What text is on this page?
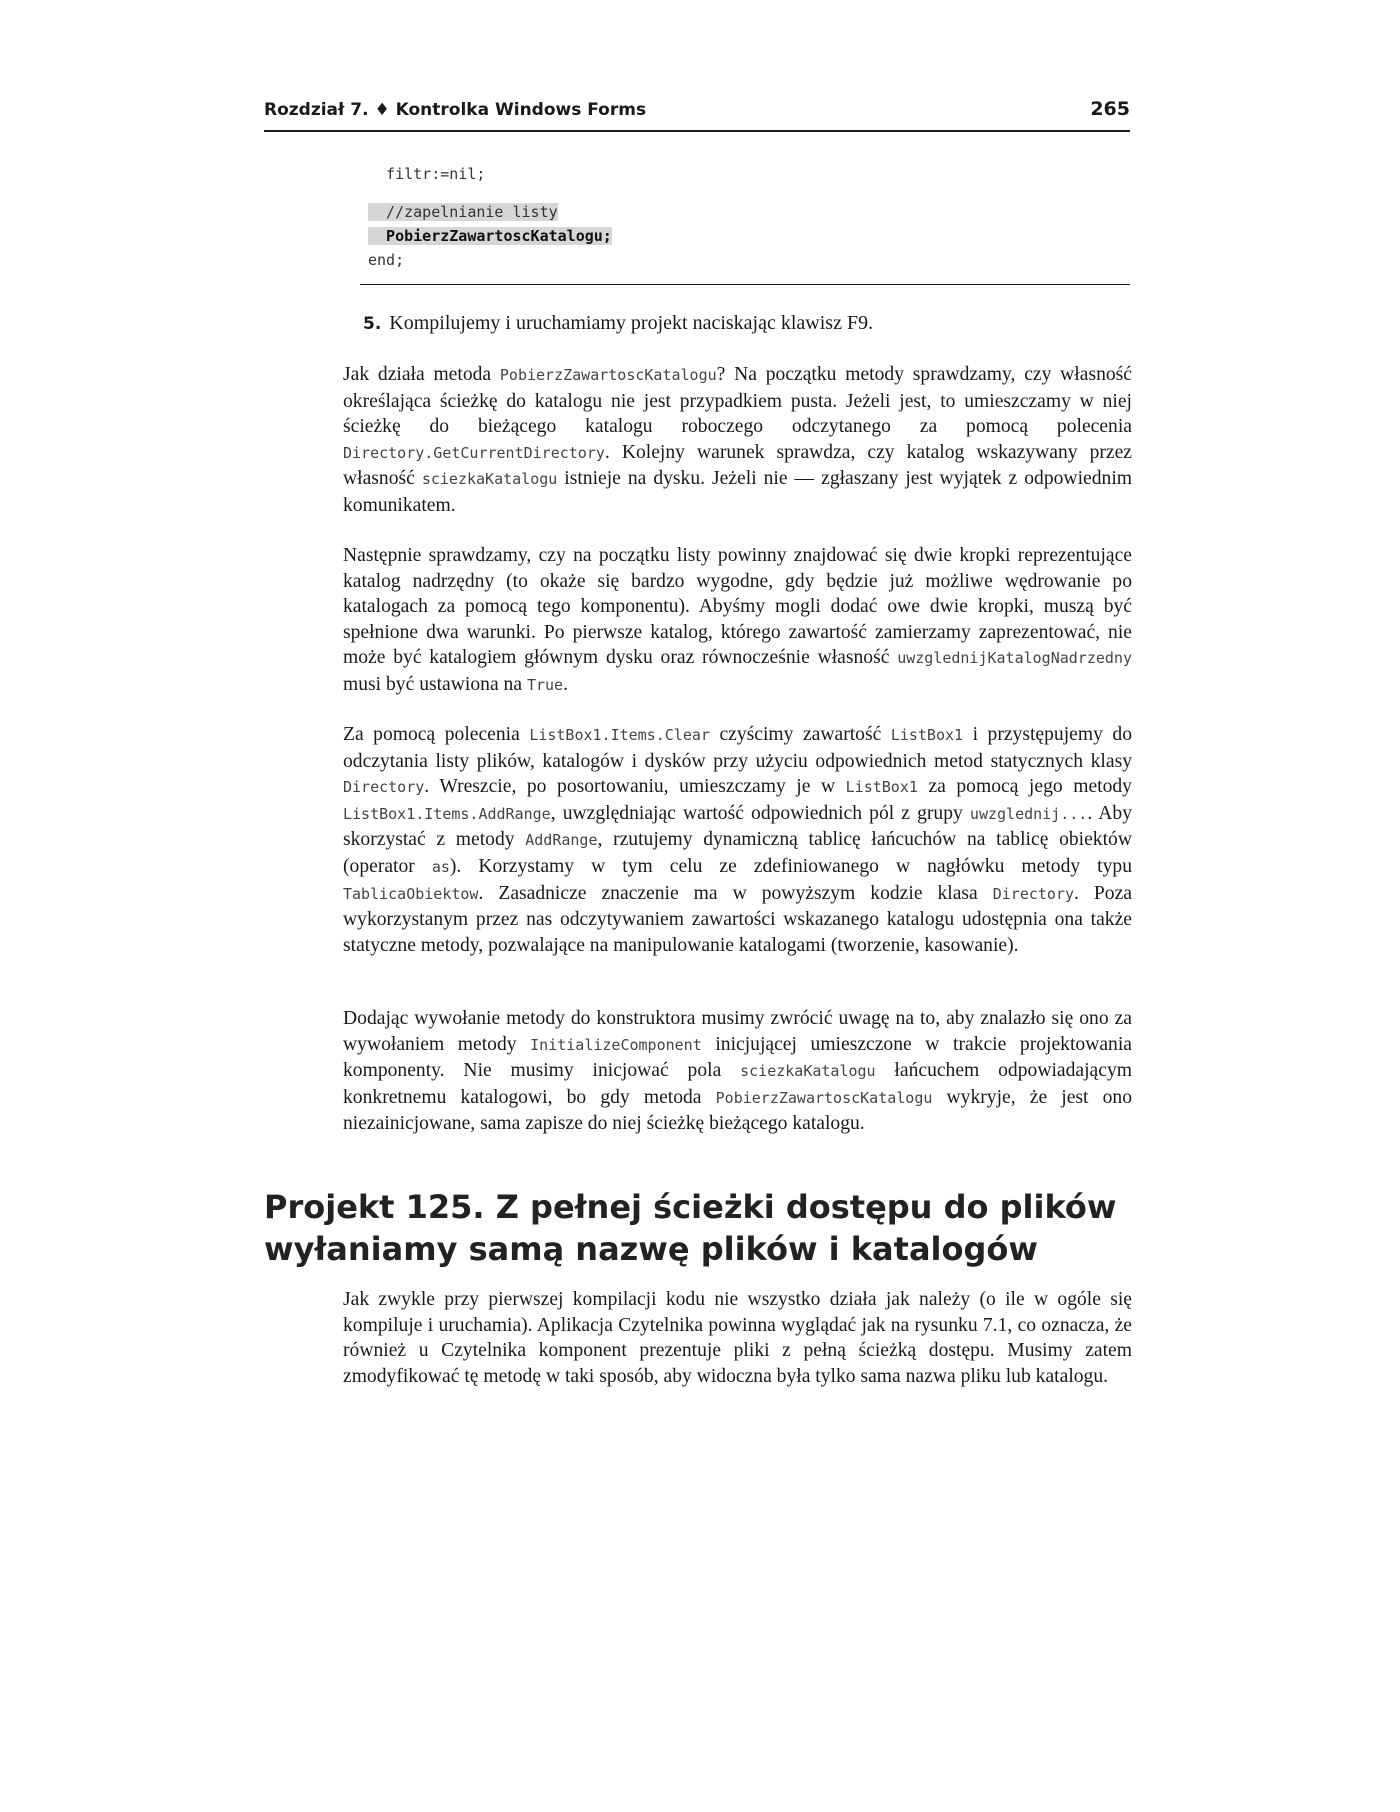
Rozdział 7. ♦ Kontrolka Windows Forms	265
filtr:=nil;
//zapelnianie listy
PobierzZawartoscKatalogu;
end;
5. Kompilujemy i uruchamiamy projekt naciskając klawisz F9.
Jak działa metoda PobierzZawartoscKatalogu? Na początku metody sprawdzamy, czy własność określająca ścieżkę do katalogu nie jest przypadkiem pusta. Jeżeli jest, to umieszczamy w niej ścieżkę do bieżącego katalogu roboczego odczytanego za pomocą polecenia Directory.GetCurrentDirectory. Kolejny warunek sprawdza, czy katalog wskazywany przez własność sciezkaKatalogu istnieje na dysku. Jeżeli nie — zgłaszany jest wyjątek z odpowiednim komunikatem.
Następnie sprawdzamy, czy na początku listy powinny znajdować się dwie kropki reprezentujące katalog nadrzędny (to okaże się bardzo wygodne, gdy będzie już możliwe wędrowanie po katalogach za pomocą tego komponentu). Abyśmy mogli dodać owe dwie kropki, muszą być spełnione dwa warunki. Po pierwsze katalog, którego zawartość zamierzamy zaprezentować, nie może być katalogiem głównym dysku oraz równocześnie własność uwzglednijKatalogNadrzedny musi być ustawiona na True.
Za pomocą polecenia ListBox1.Items.Clear czyścimy zawartość ListBox1 i przystępujemy do odczytania listy plików, katalogów i dysków przy użyciu odpowiednich metod statycznych klasy Directory. Wreszcie, po posortowaniu, umieszczamy je w ListBox1 za pomocą jego metody ListBox1.Items.AddRange, uwzględniając wartość odpowiednich pól z grupy uwzglednij.... Aby skorzystać z metody AddRange, rzutujemy dynamiczną tablicę łańcuchów na tablicę obiektów (operator as). Korzystamy w tym celu ze zdefiniowanego w nagłówku metody typu TablicaObiektow. Zasadnicze znaczenie ma w powyższym kodzie klasa Directory. Poza wykorzystanym przez nas odczytywaniem zawartości wskazanego katalogu udostępnia ona także statyczne metody, pozwalające na manipulowanie katalogami (tworzenie, kasowanie).
Dodając wywołanie metody do konstruktora musimy zwrócić uwagę na to, aby znalazło się ono za wywołaniem metody InitializeComponent inicjującej umieszczone w trakcie projektowania komponenty. Nie musimy inicjować pola sciezkaKatalogu łańcuchem odpowiadającym konkretnemu katalogowi, bo gdy metoda PobierzZawartoscKatalogu wykryje, że jest ono niezainicjowane, sama zapisze do niej ścieżkę bieżącego katalogu.
Projekt 125. Z pełnej ścieżki dostępu do plików
wyłaniamy samą nazwę plików i katalogów
Jak zwykle przy pierwszej kompilacji kodu nie wszystko działa jak należy (o ile w ogóle się kompiluje i uruchamia). Aplikacja Czytelnika powinna wyglądać jak na rysunku 7.1, co oznacza, że również u Czytelnika komponent prezentuje pliki z pełną ścieżką dostępu. Musimy zatem zmodyfikować tę metodę w taki sposób, aby widoczna była tylko sama nazwa pliku lub katalogu.
